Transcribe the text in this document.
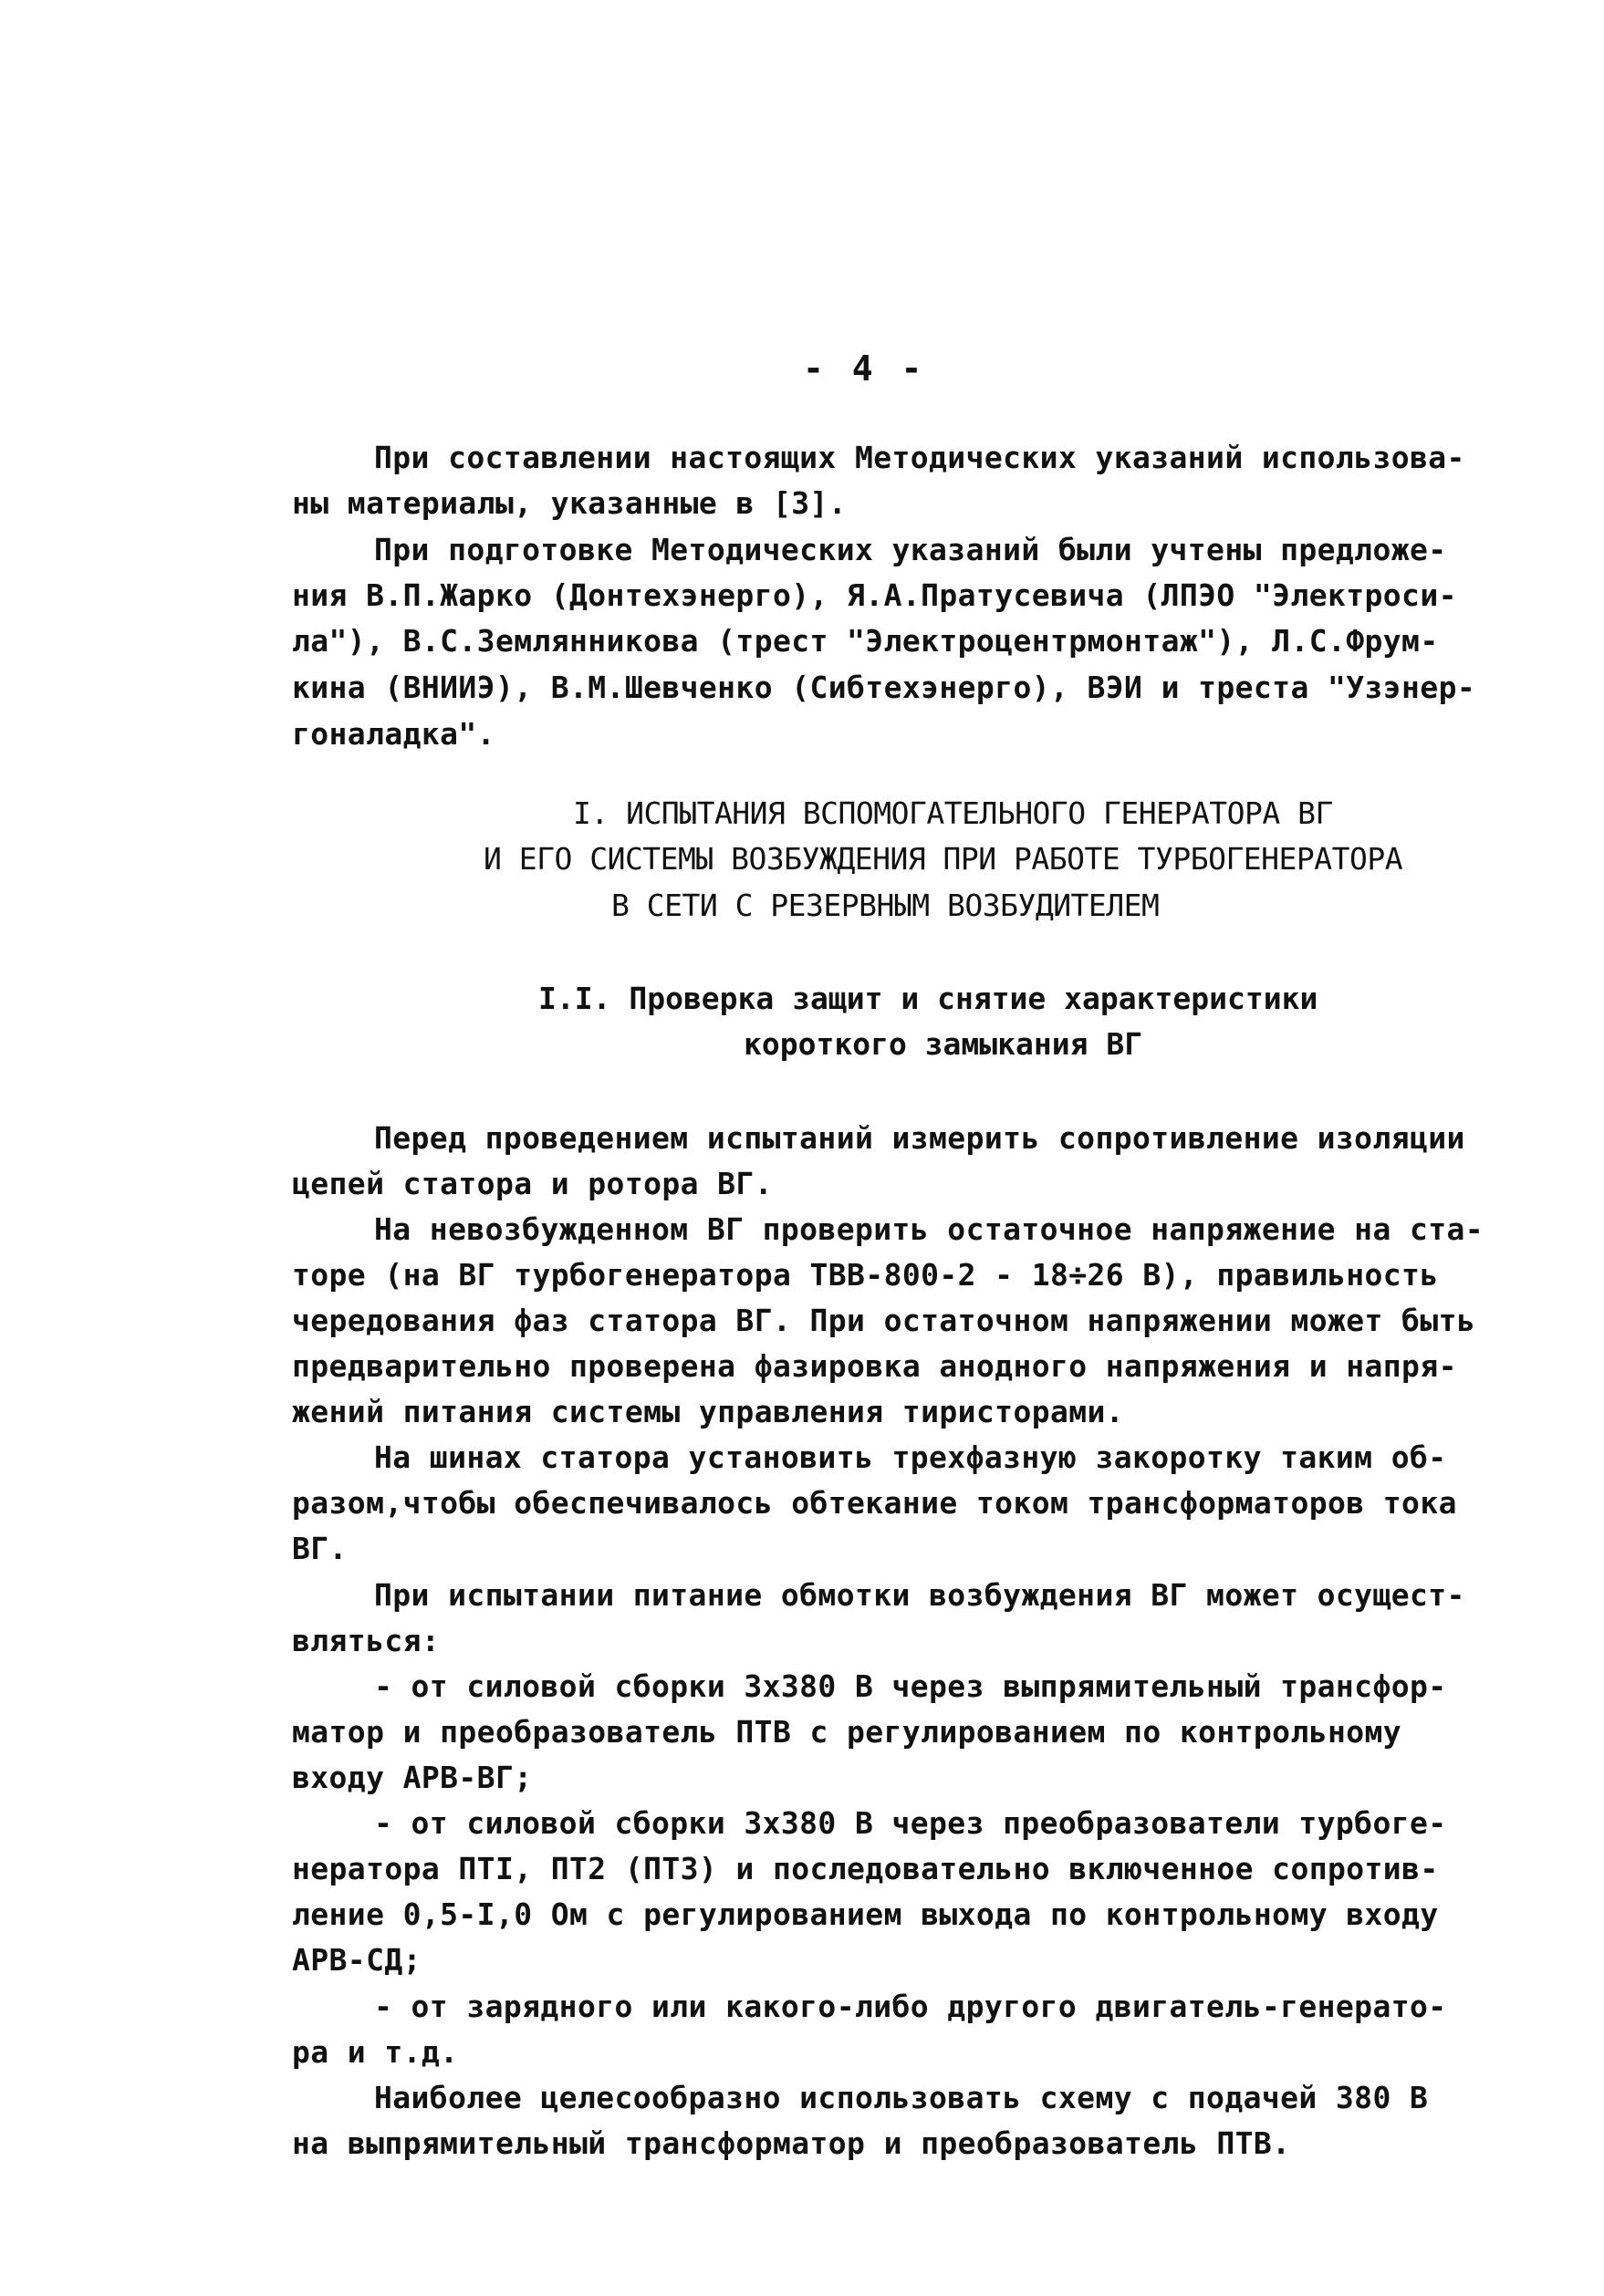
- 4 -
При составлении настоящих Методических указаний использова-
ны материалы, указанные в [3].
При подготовке Методических указаний были учтены предложе-
ния В.П.Жарко (Донтехэнерго), Я.А.Пратусевича (ЛПЭО "Электроси-
ла"), В.С.Землянникова (трест "Электроцентрмонтаж"), Л.С.Фрум-
кина (ВНИИЭ), В.М.Шевченко (Сибтехэнерго), ВЭИ и треста "Узэнер-
гоналадка".
I. ИСПЫТАНИЯ ВСПОМОГАТЕЛЬНОГО ГЕНЕРАТОРА ВГ
И ЕГО СИСТЕМЫ ВОЗБУЖДЕНИЯ ПРИ РАБОТЕ ТУРБОГЕНЕРАТОРА
В СЕТИ С РЕЗЕРВНЫМ ВОЗБУДИТЕЛЕМ
I.I. Проверка защит и снятие характеристики
короткого замыкания ВГ
Перед проведением испытаний измерить сопротивление изоляции
цепей статора и ротора ВГ.
На невозбужденном ВГ проверить остаточное напряжение на ста-
торе (на ВГ турбогенератора ТВВ-800-2 - 18÷26 В), правильность
чередования фаз статора ВГ. При остаточном напряжении может быть
предварительно проверена фазировка анодного напряжения и напря-
жений питания системы управления тиристорами.
На шинах статора установить трехфазную закоротку таким об-
разом,чтобы обеспечивалось обтекание током трансформаторов тока
ВГ.
При испытании питание обмотки возбуждения ВГ может осущест-
вляться:
- от силовой сборки 3х380 В через выпрямительный трансфор-
матор и преобразователь ПТВ с регулированием по контрольному
входу АРВ-ВГ;
- от силовой сборки 3х380 В через преобразователи турбоге-
нератора ПТI, ПТ2 (ПТ3) и последовательно включенное сопротив-
ление 0,5-I,0 Ом с регулированием выхода по контрольному входу
АРВ-СД;
- от зарядного или какого-либо другого двигатель-генерато-
ра и т.д.
Наиболее целесообразно использовать схему с подачей 380 В
на выпрямительный трансформатор и преобразователь ПТВ.
